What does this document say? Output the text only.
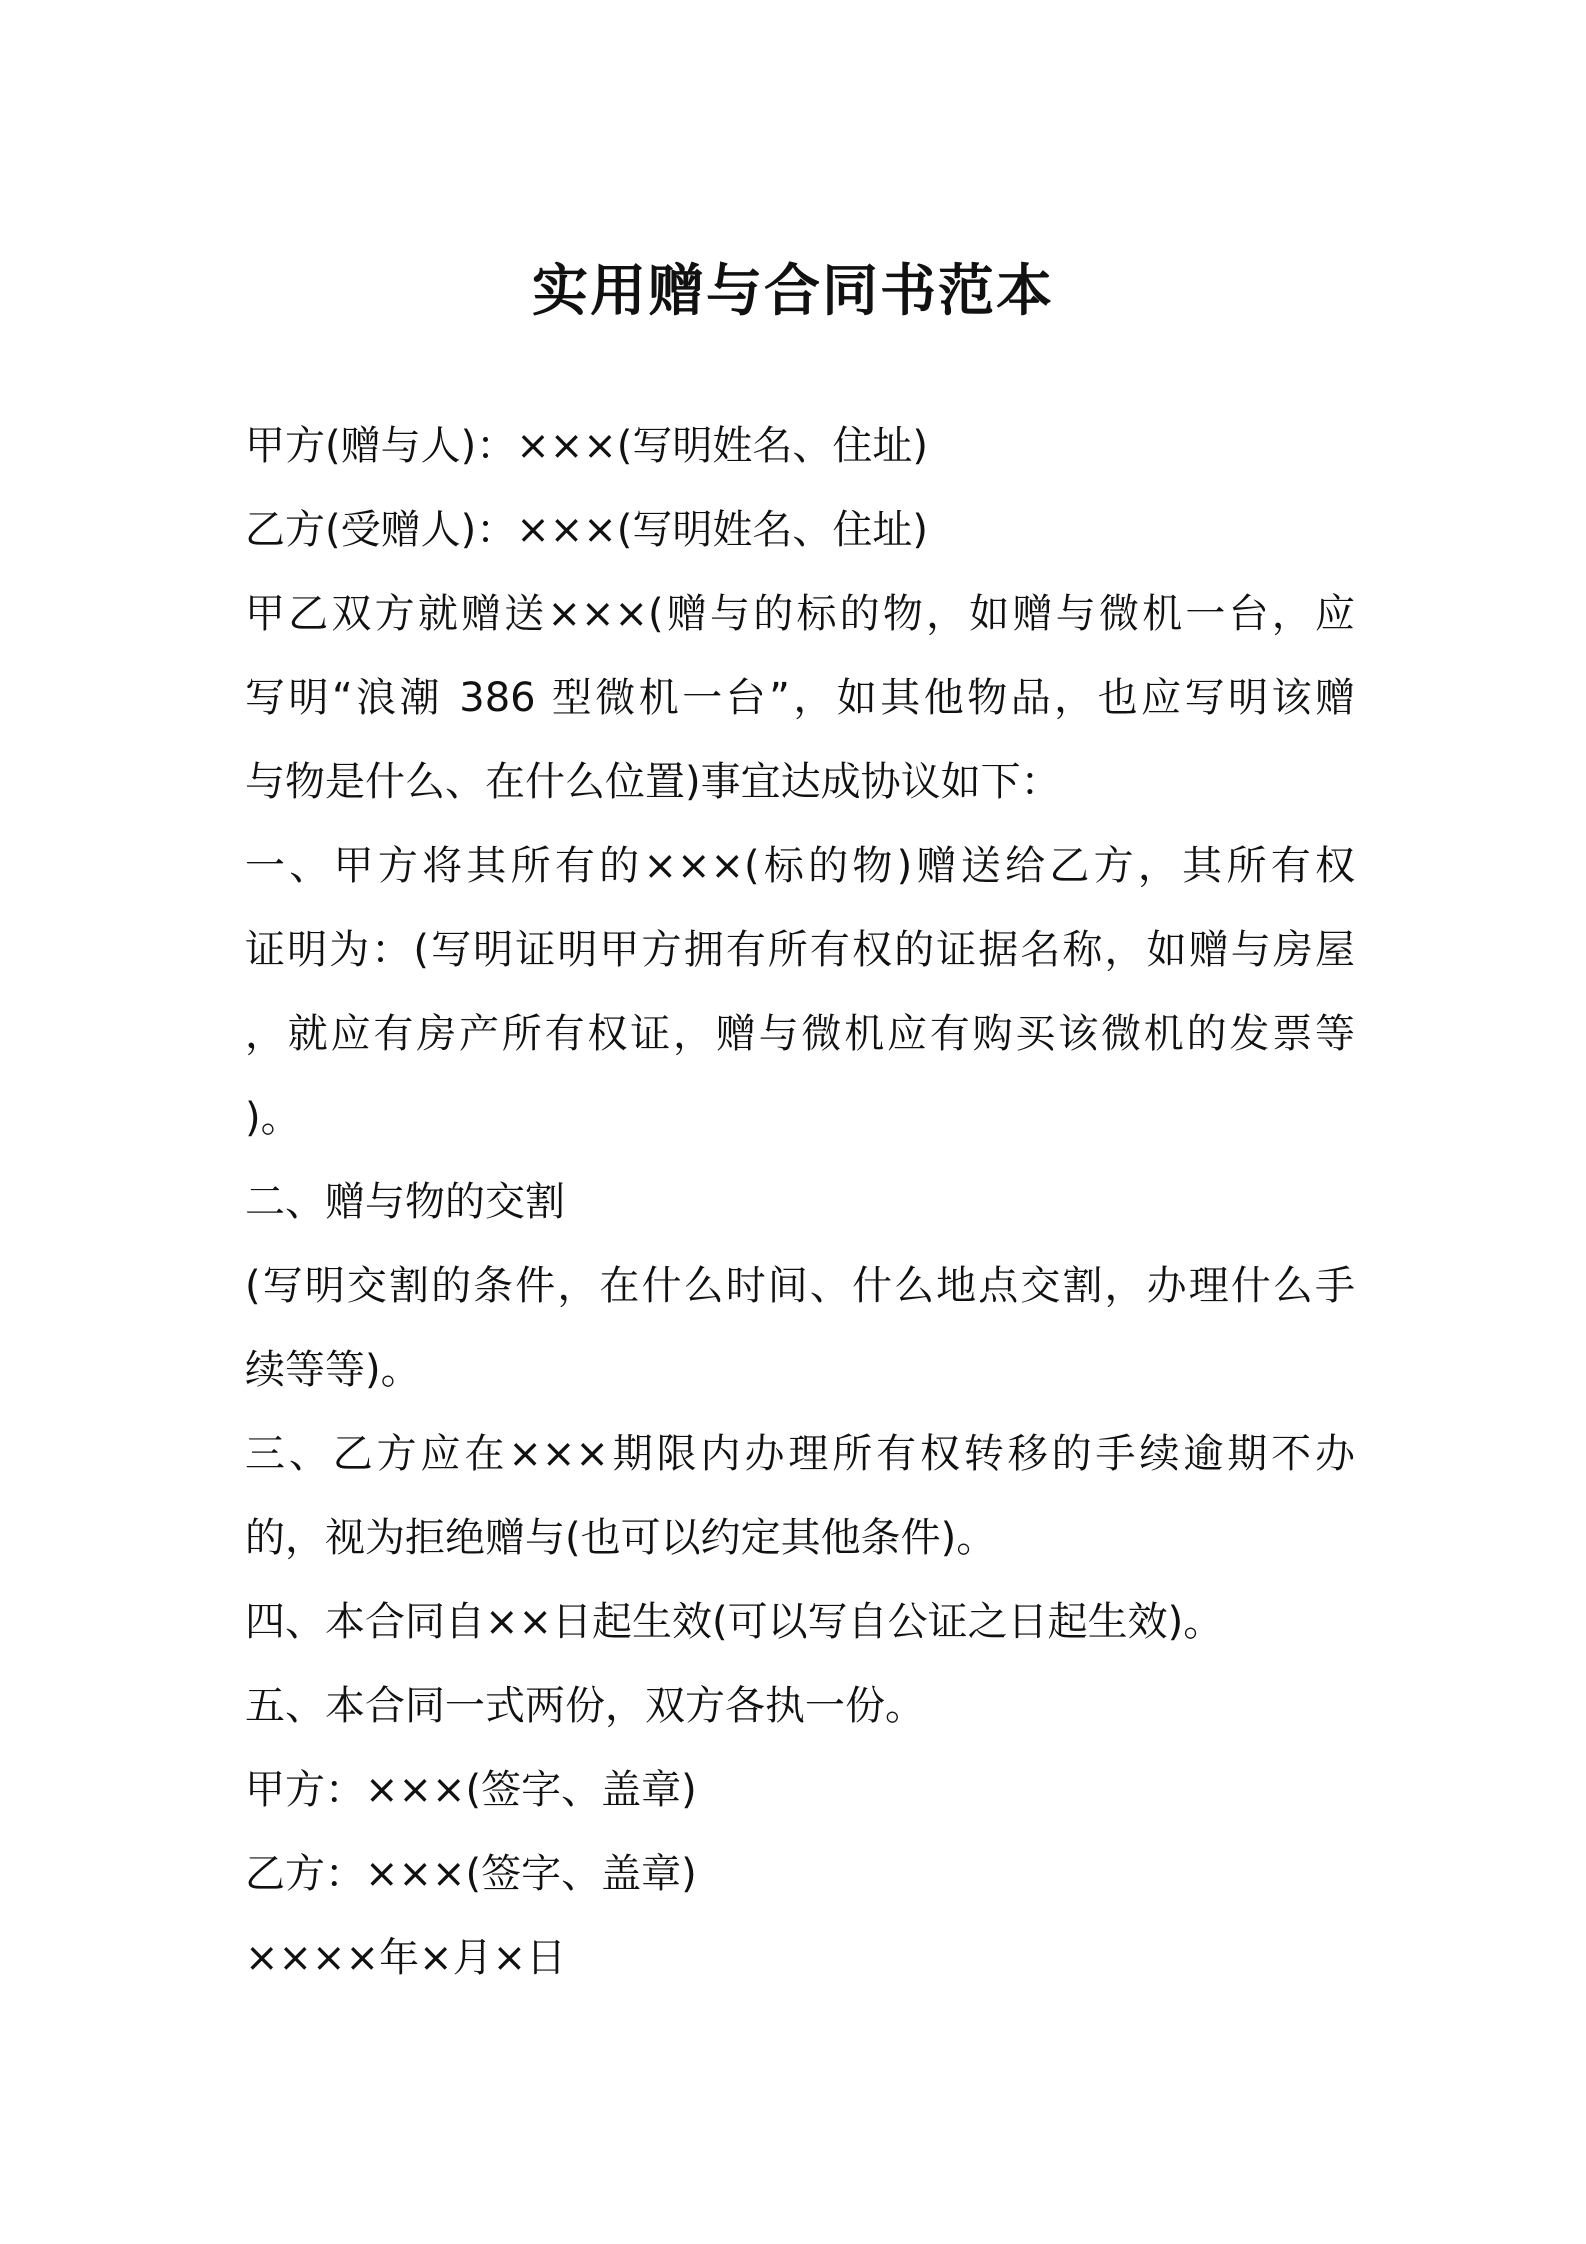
实用赠与合同书范本
甲方(赠与人)：×××(写明姓名、住址)
乙方(受赠人)：×××(写明姓名、住址)
甲乙双方就赠送×××(赠与的标的物，如赠与微机一台，应
写明“浪潮 386 型微机一台”，如其他物品，也应写明该赠
与物是什么、在什么位置)事宜达成协议如下：
一、甲方将其所有的×××(标的物)赠送给乙方，其所有权
证明为：(写明证明甲方拥有所有权的证据名称，如赠与房屋
，就应有房产所有权证，赠与微机应有购买该微机的发票等
)。
二、赠与物的交割
(写明交割的条件，在什么时间、什么地点交割，办理什么手
续等等)。
三、乙方应在×××期限内办理所有权转移的手续逾期不办
的，视为拒绝赠与(也可以约定其他条件)。
四、本合同自××日起生效(可以写自公证之日起生效)。
五、本合同一式两份，双方各执一份。
甲方：×××(签字、盖章)
乙方：×××(签字、盖章)
××××年×月×日
